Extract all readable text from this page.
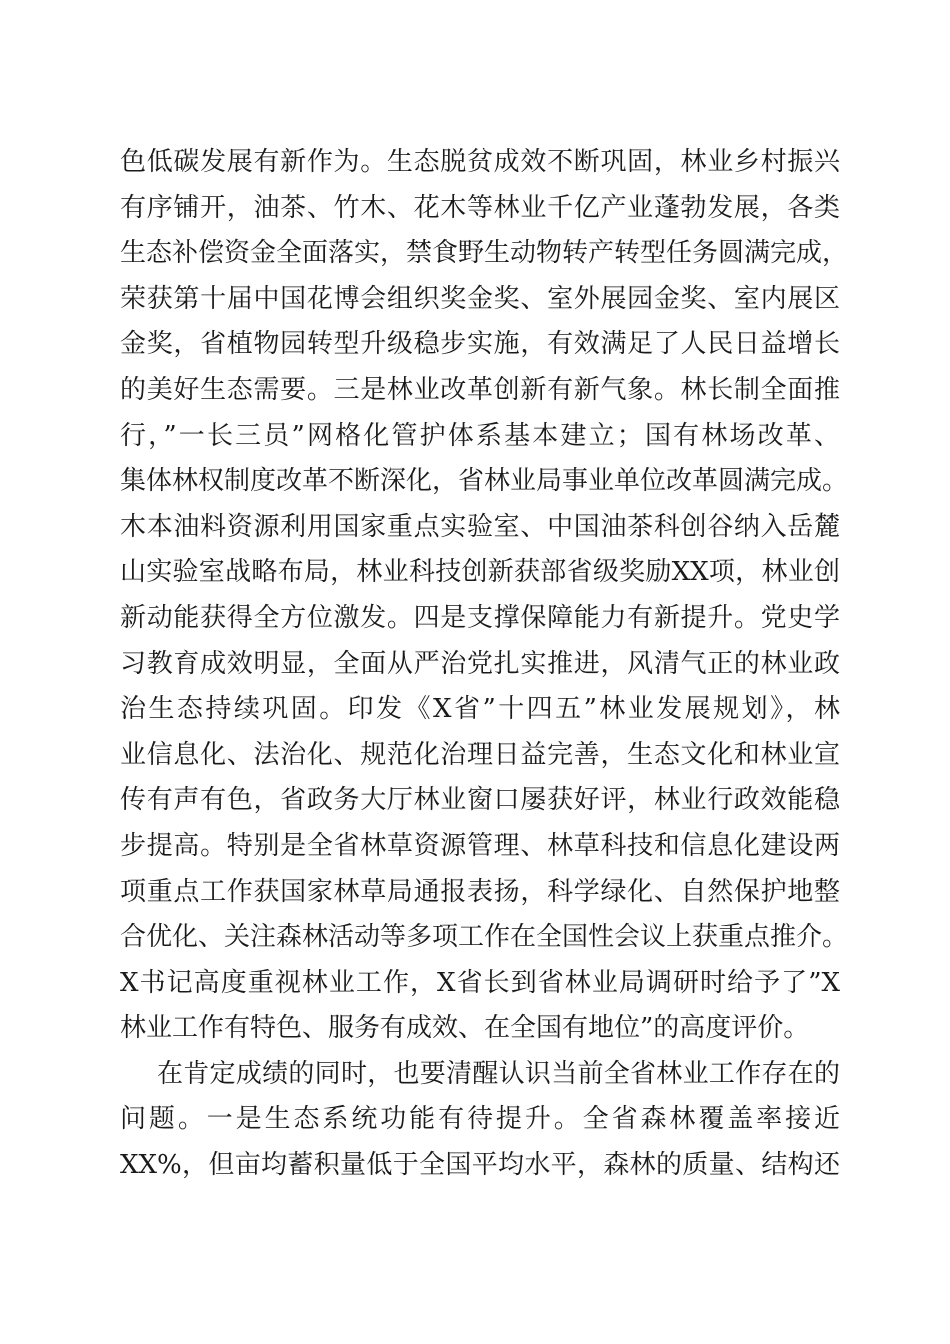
色低碳发展有新作为。生态脱贫成效不断巩固，林业乡村振兴
有序铺开，油茶、竹木、花木等林业千亿产业蓬勃发展，各类
生态补偿资金全面落实，禁食野生动物转产转型任务圆满完成，
荣获第十届中国花博会组织奖金奖、室外展园金奖、室内展区
金奖，省植物园转型升级稳步实施，有效满足了人民日益增长
的美好生态需要。三是林业改革创新有新气象。林长制全面推
行，”一长三员”网格化管护体系基本建立；国有林场改革、
集体林权制度改革不断深化，省林业局事业单位改革圆满完成。
木本油料资源利用国家重点实验室、中国油茶科创谷纳入岳麓
山实验室战略布局，林业科技创新获部省级奖励XX项，林业创
新动能获得全方位激发。四是支撑保障能力有新提升。党史学
习教育成效明显，全面从严治党扎实推进，风清气正的林业政
治生态持续巩固。印发《X省”十四五”林业发展规划》，林
业信息化、法治化、规范化治理日益完善，生态文化和林业宣
传有声有色，省政务大厅林业窗口屡获好评，林业行政效能稳
步提高。特别是全省林草资源管理、林草科技和信息化建设两
项重点工作获国家林草局通报表扬，科学绿化、自然保护地整
合优化、关注森林活动等多项工作在全国性会议上获重点推介。
X书记高度重视林业工作，X省长到省林业局调研时给予了”X
林业工作有特色、服务有成效、在全国有地位”的高度评价。
在肯定成绩的同时，也要清醒认识当前全省林业工作存在的
问题。一是生态系统功能有待提升。全省森林覆盖率接近
XX%，但亩均蓄积量低于全国平均水平，森林的质量、结构还
